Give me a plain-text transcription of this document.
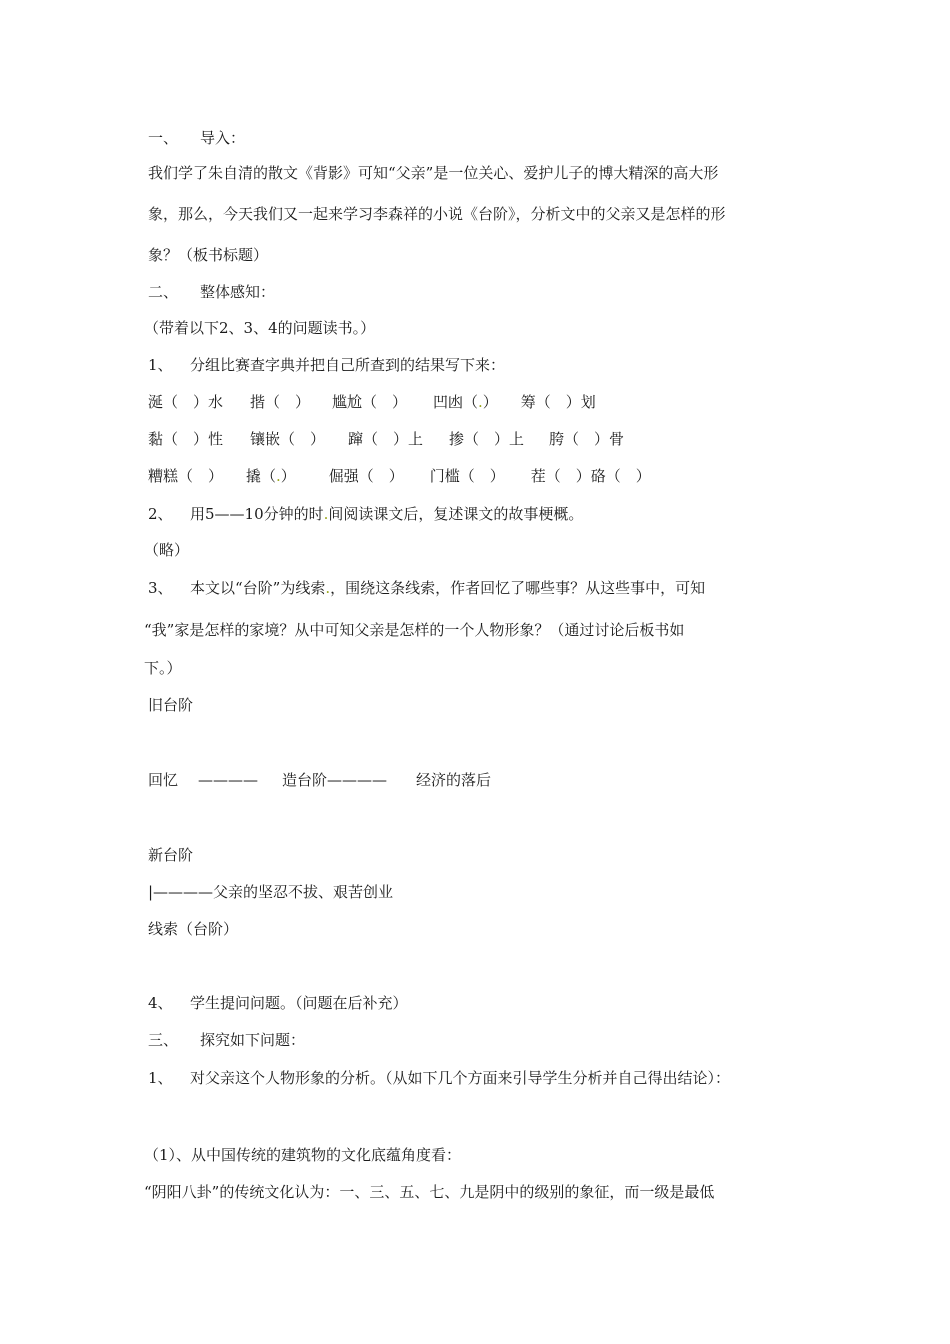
一、 导入：
我们学了朱自清的散文《背影》可知“父亲”是一位关心、爱护儿子的博大精深的高大形
象，那么，今天我们又一起来学习李森祥的小说《台阶》，分析文中的父亲又是怎样的形
象？（板书标题）
二、 整体感知：
（带着以下2、3、4的问题读书。）
1、 分组比赛查字典并把自己所查到的结果写下来：
涎（　）水 揩（　） 尴尬（　） 凹凼（.） 筹（　）划
黏（　）性 镶嵌（　） 蹿（　）上 掺（　）上 胯（　）骨
糟糕（　） 撬（.） 倔强（　） 门槛（　） 茬（　）硌（　）
2、 用5——10分钟的时.间阅读课文后，复述课文的故事梗概。
（略）
3、 本文以“台阶”为线索.，围绕这条线索，作者回忆了哪些事？从这些事中，可知
“我”家是怎样的家境？从中可知父亲是怎样的一个人物形象？（通过讨论后板书如
下。）
旧台阶
回忆 ———— 造台阶———— 经济的落后
新台阶
|————父亲的坚忍不拔、艰苦创业
线索（台阶）
4、 学生提问问题。（问题在后补充）
三、 探究如下问题：
1、 对父亲这个人物形象的分析。（从如下几个方面来引导学生分析并自己得出结论）：
（1）、从中国传统的建筑物的文化底蕴角度看：
“阴阳八卦”的传统文化认为：一、三、五、七、九是阴中的级别的象征，而一级是最低
